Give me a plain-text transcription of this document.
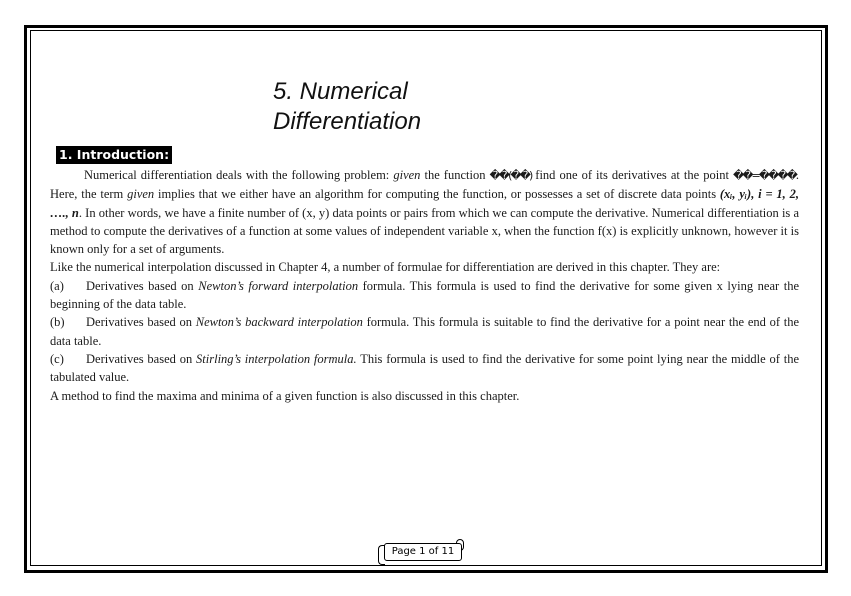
5. Numerical
Differentiation
1. Introduction:

Numerical differentiation deals with the following problem: given the function ��(��) find one of its derivatives at the point ��=����. Here, the term given implies that we either have an algorithm for computing the function, or possesses a set of discrete data points (xᵢ, yᵢ), i = 1, 2, …., n. In other words, we have a finite number of (x, y) data points or pairs from which we can compute the derivative. Numerical differentiation is a method to compute the derivatives of a function at some values of independent variable x, when the function f(x) is explicitly unknown, however it is known only for a set of arguments.

Like the numerical interpolation discussed in Chapter 4, a number of formulae for differentiation are derived in this chapter. They are:

(a) Derivatives based on Newton’s forward interpolation formula. This formula is used to find the derivative for some given x lying near the beginning of the data table.

(b) Derivatives based on Newton’s backward interpolation formula. This formula is suitable to find the derivative for a point near the end of the data table.

(c) Derivatives based on Stirling’s interpolation formula. This formula is used to find the derivative for some point lying near the middle of the tabulated value.

A method to find the maxima and minima of a given function is also discussed in this chapter.

Page 1 of 11
